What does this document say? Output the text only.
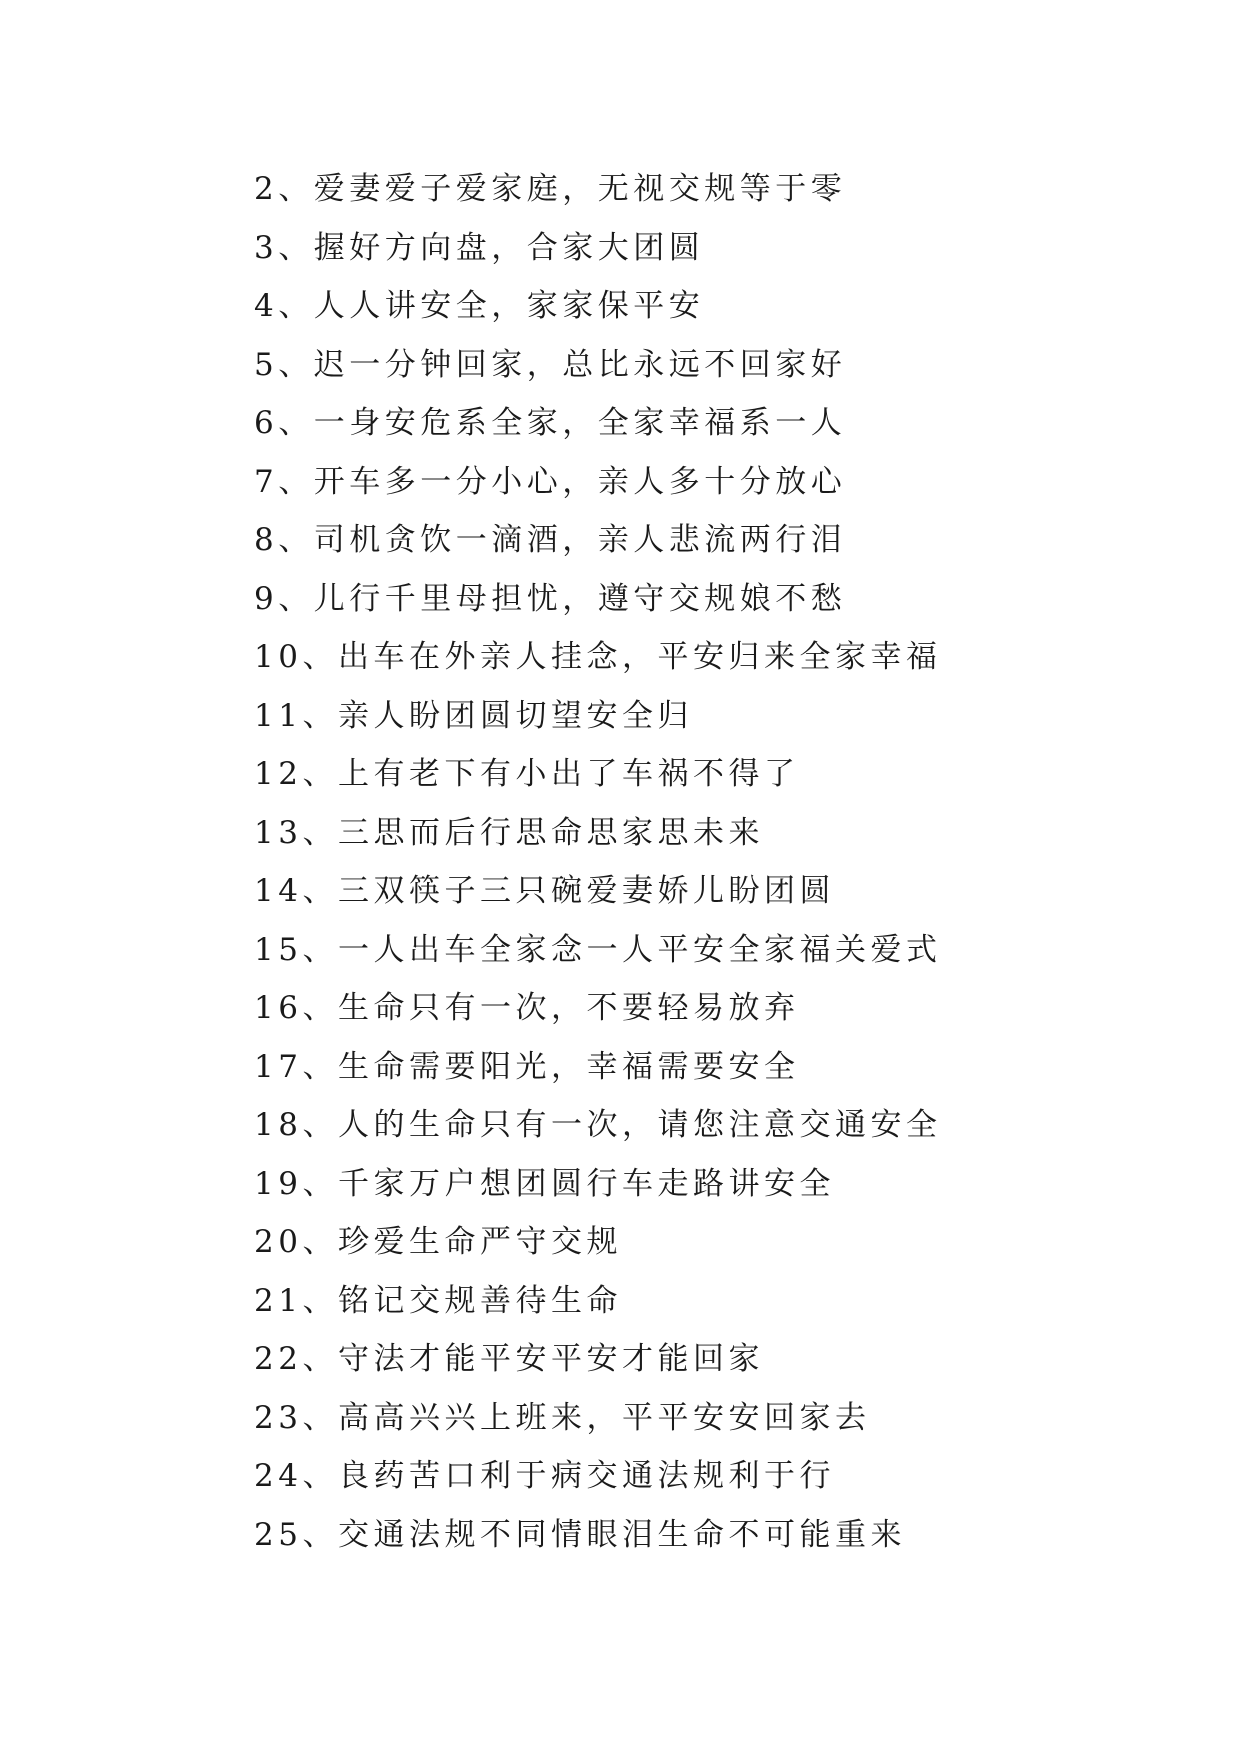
2、爱妻爱子爱家庭，无视交规等于零
3、握好方向盘，合家大团圆
4、人人讲安全，家家保平安
5、迟一分钟回家，总比永远不回家好
6、一身安危系全家，全家幸福系一人
7、开车多一分小心，亲人多十分放心
8、司机贪饮一滴酒，亲人悲流两行泪
9、儿行千里母担忧，遵守交规娘不愁
10、出车在外亲人挂念，平安归来全家幸福
11、亲人盼团圆切望安全归
12、上有老下有小出了车祸不得了
13、三思而后行思命思家思未来
14、三双筷子三只碗爱妻娇儿盼团圆
15、一人出车全家念一人平安全家福关爱式
16、生命只有一次，不要轻易放弃
17、生命需要阳光，幸福需要安全
18、人的生命只有一次，请您注意交通安全
19、千家万户想团圆行车走路讲安全
20、珍爱生命严守交规
21、铭记交规善待生命
22、守法才能平安平安才能回家
23、高高兴兴上班来，平平安安回家去
24、良药苦口利于病交通法规利于行
25、交通法规不同情眼泪生命不可能重来
